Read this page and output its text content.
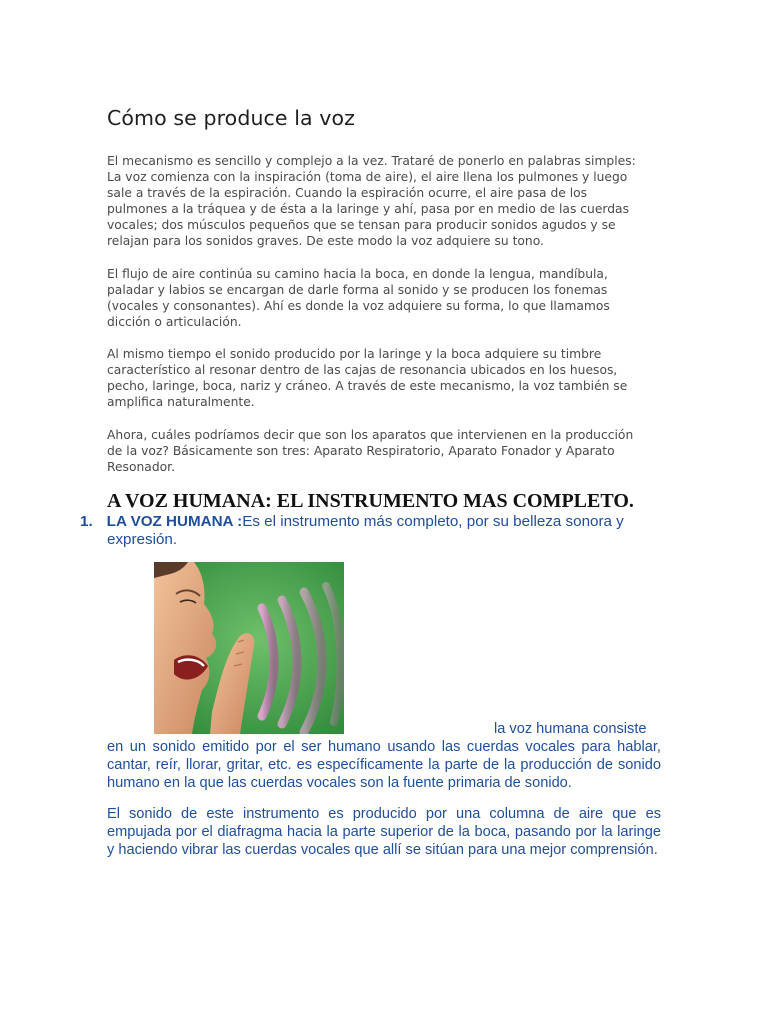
Cómo se produce la voz

El mecanismo es sencillo y complejo a la vez. Trataré de ponerlo en palabras simples:
La voz comienza con la inspiración (toma de aire), el aire llena los pulmones y luego
sale a través de la espiración. Cuando la espiración ocurre, el aire pasa de los
pulmones a la tráquea y de ésta a la laringe y ahí, pasa por en medio de las cuerdas
vocales; dos músculos pequeños que se tensan para producir sonidos agudos y se
relajan para los sonidos graves. De este modo la voz adquiere su tono.

El flujo de aire continúa su camino hacia la boca, en donde la lengua, mandíbula,
paladar y labios se encargan de darle forma al sonido y se producen los fonemas
(vocales y consonantes). Ahí es donde la voz adquiere su forma, lo que llamamos
dicción o articulación.

Al mismo tiempo el sonido producido por la laringe y la boca adquiere su timbre
característico al resonar dentro de las cajas de resonancia ubicados en los huesos,
pecho, laringe, boca, nariz y cráneo. A través de este mecanismo, la voz también se
amplifica naturalmente.

Ahora, cuáles podríamos decir que son los aparatos que intervienen en la producción
de la voz? Básicamente son tres: Aparato Respiratorio, Aparato Fonador y Aparato
Resonador.

A VOZ HUMANA: EL INSTRUMENTO MAS COMPLETO.

1. LA VOZ HUMANA :Es el instrumento más completo, por su belleza sonora y
expresión.

la voz humana consiste
en un sonido emitido por el ser humano usando las cuerdas vocales para hablar, cantar, reír, llorar, gritar, etc. es específicamente la parte de la producción de sonido humano en la que las cuerdas vocales son la fuente primaria de sonido.

El sonido de este instrumento es producido por una columna de aire que es empujada por el diafragma hacia la parte superior de la boca, pasando por la laringe y haciendo vibrar las cuerdas vocales que allí se sitúan para una mejor comprensión.
